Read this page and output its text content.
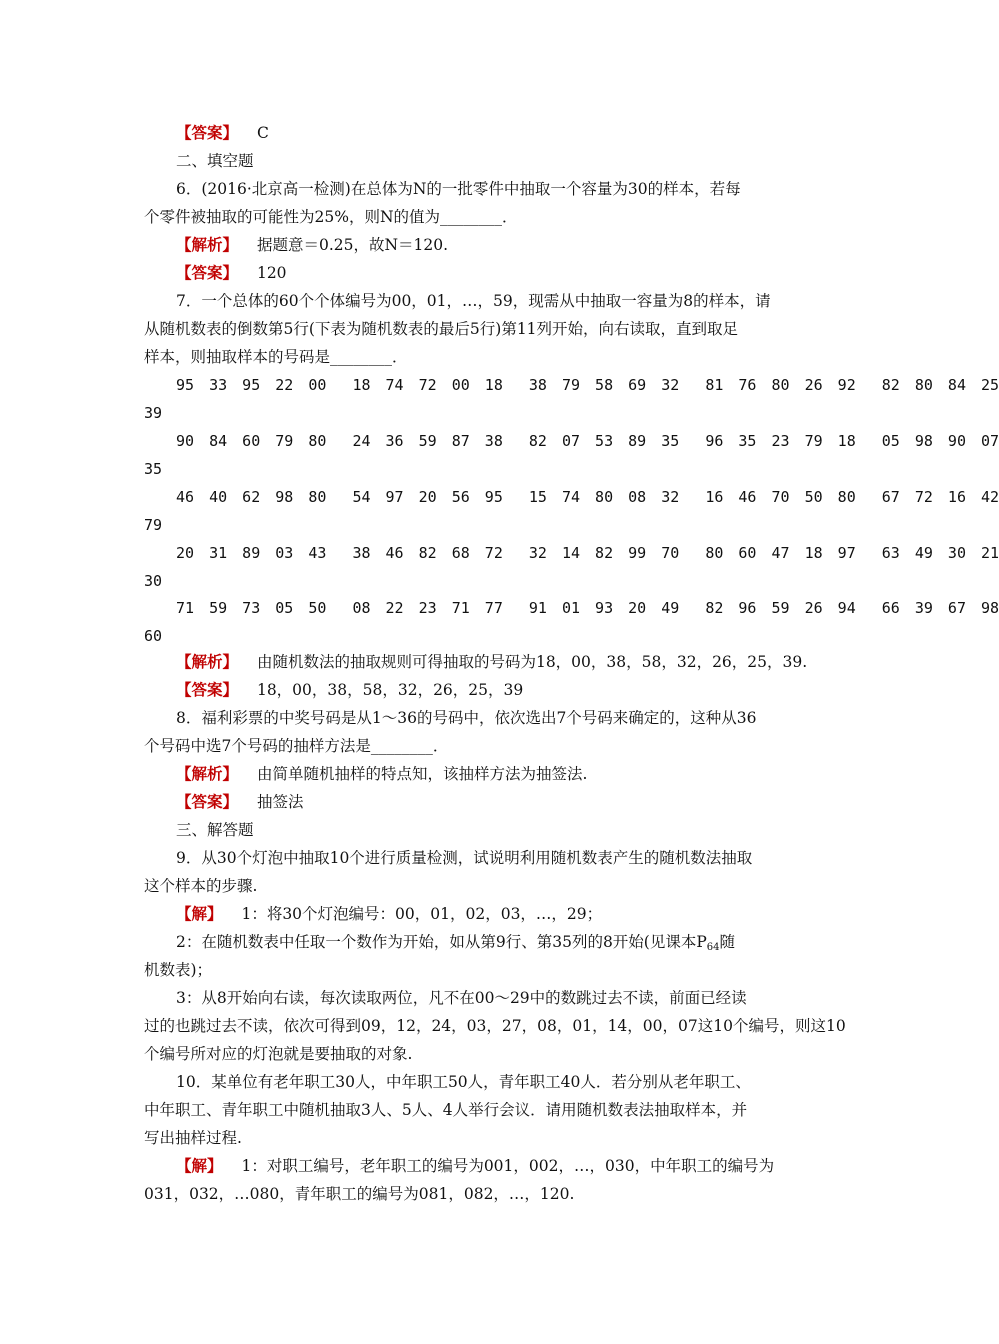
【答案】 C
二、填空题
6．(2016·北京高一检测)在总体为N的一批零件中抽取一个容量为30的样本，若每
个零件被抽取的可能性为25%，则N的值为________．
【解析】 据题意＝0.25，故N＝120.
【答案】 120
7．一个总体的60个个体编号为00，01，…，59，现需从中抽取一容量为8的样本，请
从随机数表的倒数第5行(下表为随机数表的最后5行)第11列开始，向右读取，直到取足
样本，则抽取样本的号码是________．
95 33 95 22 00 18 74 72 00 18 38 79 58 69 32 81 76 80 26 92 82 80 84 25
39
90 84 60 79 80 24 36 59 87 38 82 07 53 89 35 96 35 23 79 18 05 98 90 07
35
46 40 62 98 80 54 97 20 56 95 15 74 80 08 32 16 46 70 50 80 67 72 16 42
79
20 31 89 03 43 38 46 82 68 72 32 14 82 99 70 80 60 47 18 97 63 49 30 21
30
71 59 73 05 50 08 22 23 71 77 91 01 93 20 49 82 96 59 26 94 66 39 67 98
60
【解析】 由随机数法的抽取规则可得抽取的号码为18，00，38，58，32，26，25，39.
【答案】 18，00，38，58，32，26，25，39
8．福利彩票的中奖号码是从1～36的号码中，依次选出7个号码来确定的，这种从36
个号码中选7个号码的抽样方法是________．
【解析】 由简单随机抽样的特点知，该抽样方法为抽签法.
【答案】 抽签法
三、解答题
9．从30个灯泡中抽取10个进行质量检测，试说明利用随机数表产生的随机数法抽取
这个样本的步骤.
【解】 1：将30个灯泡编号：00，01，02，03，…，29；
2：在随机数表中任取一个数作为开始，如从第9行、第35列的8开始(见课本$P_{64}$随
机数表)；
3：从8开始向右读，每次读取两位，凡不在00～29中的数跳过去不读，前面已经读
过的也跳过去不读，依次可得到09，12，24，03，27，08，01，14，00，07这10个编号，则这10
个编号所对应的灯泡就是要抽取的对象.
10．某单位有老年职工30人，中年职工50人，青年职工40人．若分别从老年职工、
中年职工、青年职工中随机抽取3人、5人、4人举行会议．请用随机数表法抽取样本，并
写出抽样过程.
【解】 1：对职工编号，老年职工的编号为001，002，…，030，中年职工的编号为
031，032，…080，青年职工的编号为081，082，…，120.
